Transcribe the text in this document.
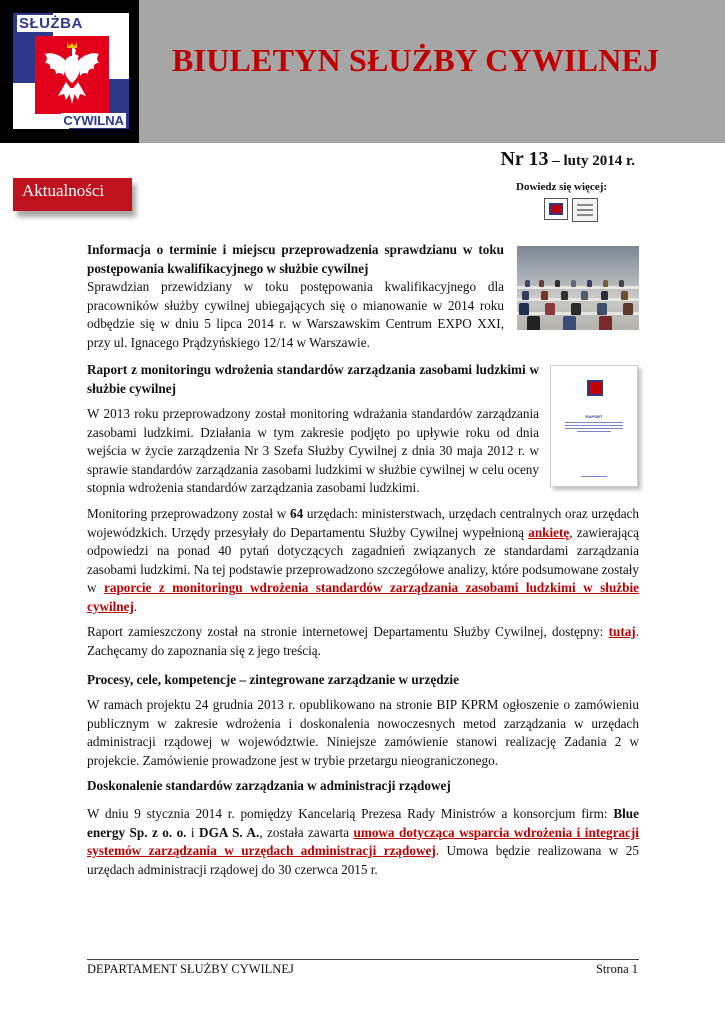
SŁUŻBA
CYWILNA
BIULETYN SŁUŻBY CYWILNEJ
Nr 13 – luty 2014 r.
Aktualności	Dowiedz się więcej:
Informacja o terminie i miejscu przeprowadzenia sprawdzianu w toku postępowania kwalifikacyjnego w służbie cywilnej
Sprawdzian przewidziany w toku postępowania kwalifikacyjnego dla pracowników służby cywilnej ubiegających się o mianowanie w 2014 roku odbędzie się w dniu 5 lipca 2014 r. w Warszawskim Centrum EXPO XXI, przy ul. Ignacego Prądzyńskiego 12/14 w Warszawie.
Raport z monitoringu wdrożenia standardów zarządzania zasobami ludzkimi w służbie cywilnej
W 2013 roku przeprowadzony został monitoring wdrażania standardów zarządzania zasobami ludzkimi. Działania w tym zakresie podjęto po upływie roku od dnia wejścia w życie zarządzenia Nr 3 Szefa Służby Cywilnej z dnia 30 maja 2012 r. w sprawie standardów zarządzania zasobami ludzkimi w służbie cywilnej w celu oceny stopnia wdrożenia standardów zarządzania zasobami ludzkimi.
RAPORT
Monitoring przeprowadzony został w 64 urzędach: ministerstwach, urzędach centralnych oraz urzędach wojewódzkich. Urzędy przesyłały do Departamentu Służby Cywilnej wypełnioną ankietę, zawierającą odpowiedzi na ponad 40 pytań dotyczących zagadnień związanych ze standardami zarządzania zasobami ludzkimi. Na tej podstawie przeprowadzono szczegółowe analizy, które podsumowane zostały w raporcie z monitoringu wdrożenia standardów zarządzania zasobami ludzkimi w służbie cywilnej.
Raport zamieszczony został na stronie internetowej Departamentu Służby Cywilnej, dostępny: tutaj. Zachęcamy do zapoznania się z jego treścią.
Procesy, cele, kompetencje – zintegrowane zarządzanie w urzędzie
W ramach projektu 24 grudnia 2013 r. opublikowano na stronie BIP KPRM ogłoszenie o zamówieniu publicznym w zakresie wdrożenia i doskonalenia nowoczesnych metod zarządzania w urzędach administracji rządowej w województwie. Niniejsze zamówienie stanowi realizację Zadania 2 w projekcie. Zamówienie prowadzone jest w trybie przetargu nieograniczonego.
Doskonalenie standardów zarządzania w administracji rządowej
W dniu 9 stycznia 2014 r. pomiędzy Kancelarią Prezesa Rady Ministrów a konsorcjum firm: Blue energy Sp. z o. o. i DGA S. A., została zawarta umowa dotycząca wsparcia wdrożenia i integracji systemów zarządzania w urzędach administracji rządowej. Umowa będzie realizowana w 25 urzędach administracji rządowej do 30 czerwca 2015 r.
DEPARTAMENT SŁUŻBY CYWILNEJ	Strona 1
